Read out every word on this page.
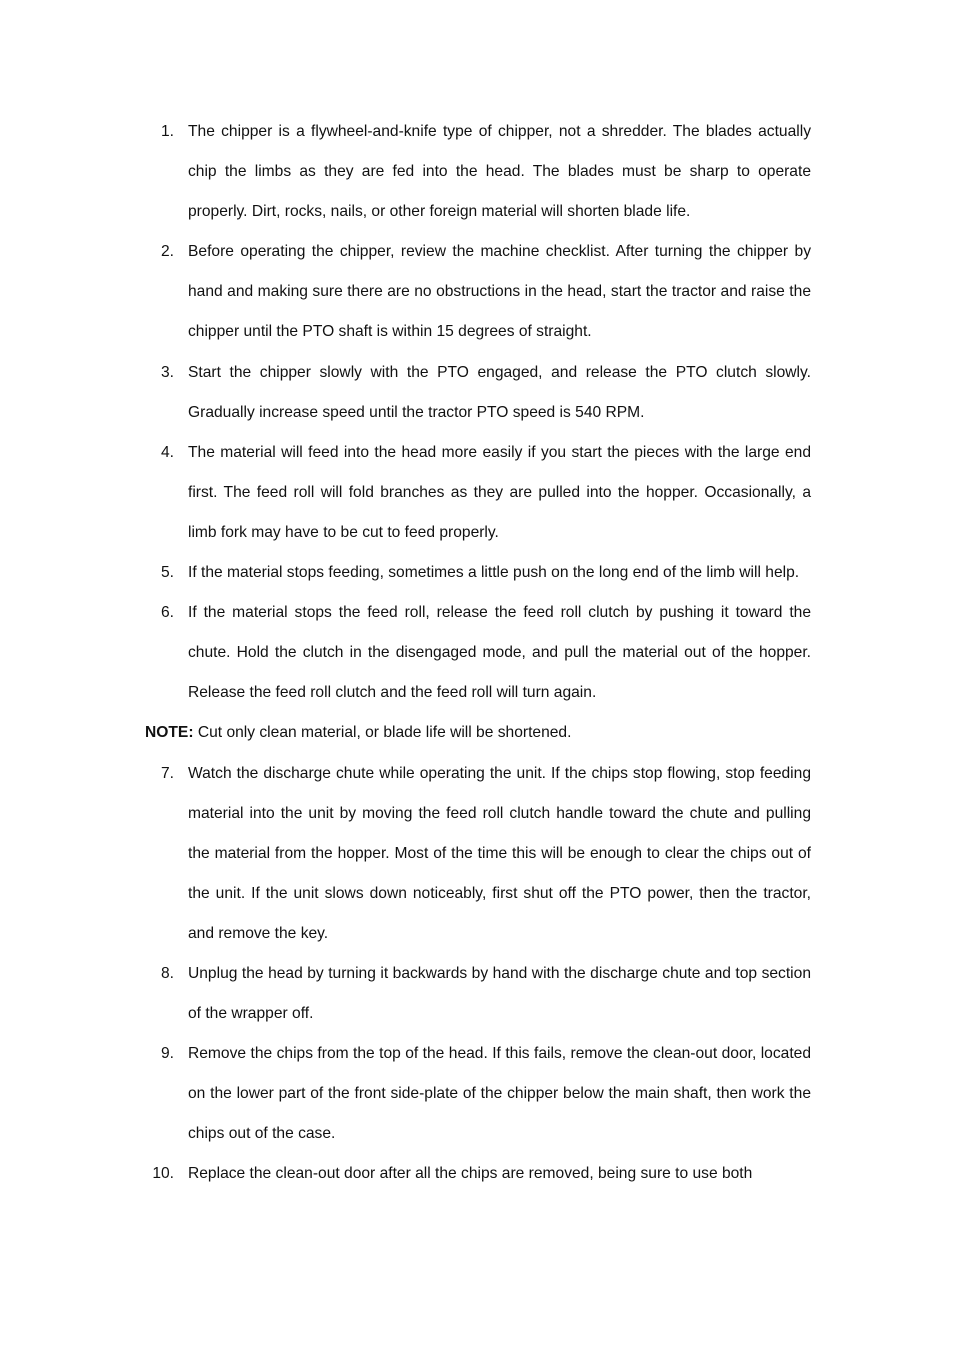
1. The chipper is a flywheel-and-knife type of chipper, not a shredder. The blades actually chip the limbs as they are fed into the head. The blades must be sharp to operate properly. Dirt, rocks, nails, or other foreign material will shorten blade life.
2. Before operating the chipper, review the machine checklist. After turning the chipper by hand and making sure there are no obstructions in the head, start the tractor and raise the chipper until the PTO shaft is within 15 degrees of straight.
3. Start the chipper slowly with the PTO engaged, and release the PTO clutch slowly. Gradually increase speed until the tractor PTO speed is 540 RPM.
4. The material will feed into the head more easily if you start the pieces with the large end first. The feed roll will fold branches as they are pulled into the hopper. Occasionally, a limb fork may have to be cut to feed properly.
5. If the material stops feeding, sometimes a little push on the long end of the limb will help.
6. If the material stops the feed roll, release the feed roll clutch by pushing it toward the chute. Hold the clutch in the disengaged mode, and pull the material out of the hopper. Release the feed roll clutch and the feed roll will turn again.
NOTE: Cut only clean material, or blade life will be shortened.
7. Watch the discharge chute while operating the unit. If the chips stop flowing, stop feeding material into the unit by moving the feed roll clutch handle toward the chute and pulling the material from the hopper. Most of the time this will be enough to clear the chips out of the unit. If the unit slows down noticeably, first shut off the PTO power, then the tractor, and remove the key.
8. Unplug the head by turning it backwards by hand with the discharge chute and top section of the wrapper off.
9. Remove the chips from the top of the head. If this fails, remove the clean-out door, located on the lower part of the front side-plate of the chipper below the main shaft, then work the chips out of the case.
10. Replace the clean-out door after all the chips are removed, being sure to use both
